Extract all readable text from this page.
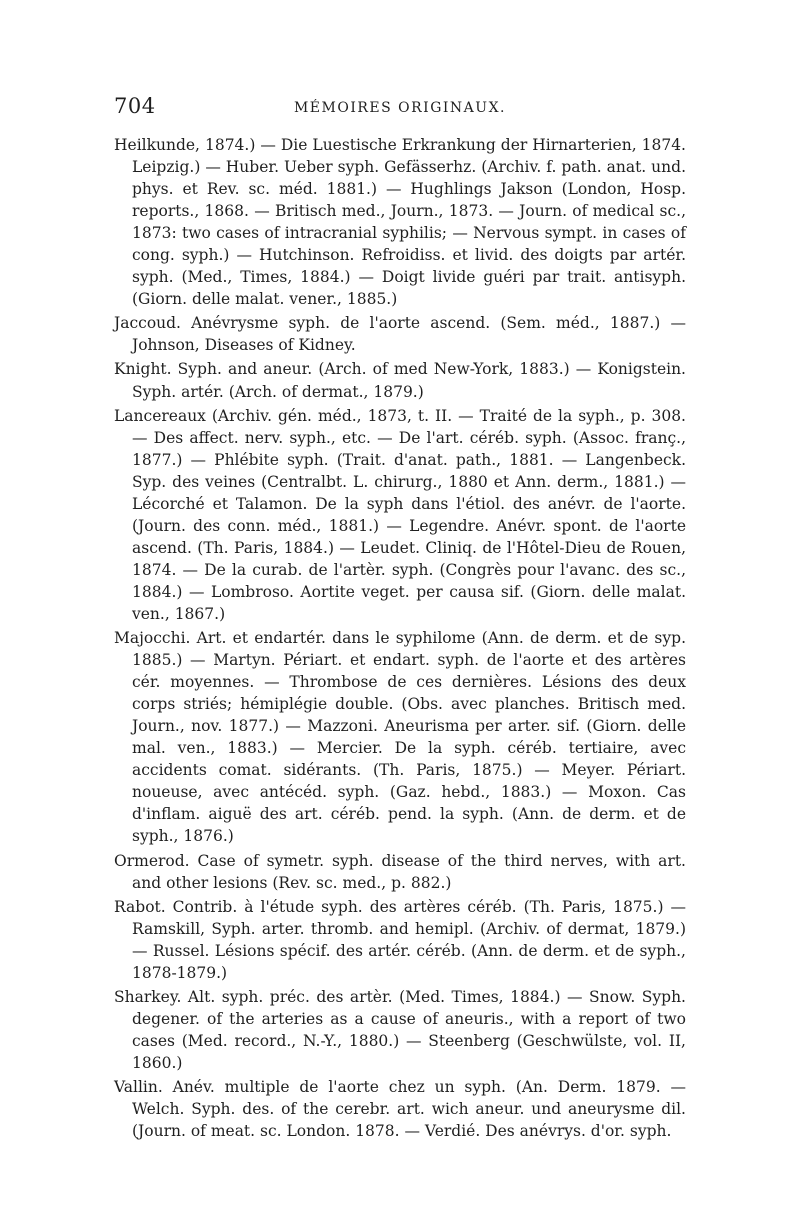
704	MÉMOIRES ORIGINAUX.

Heilkunde, 1874.) — Die Luestische Erkrankung der Hirnarterien, 1874. Leipzig.) — Huber. Ueber syph. Gefässerhz. (Archiv. f. path. anat. und. phys. et Rev. sc. méd. 1881.) — Hughlings Jakson (London, Hosp. reports., 1868. — Britisch med., Journ., 1873. — Journ. of medical sc., 1873: two cases of intracranial syphilis; — Nervous sympt. in cases of cong. syph.) — Hutchinson. Refroidiss. et livid. des doigts par artér. syph. (Med., Times, 1884.) — Doigt livide guéri par trait. antisyph. (Giorn. delle malat. vener., 1885.)

Jaccoud. Anévrysme syph. de l'aorte ascend. (Sem. méd., 1887.) — Johnson, Diseases of Kidney.

Knight. Syph. and aneur. (Arch. of med New-York, 1883.) — Konigstein. Syph. artér. (Arch. of dermat., 1879.)

Lancereaux (Archiv. gén. méd., 1873, t. II. — Traité de la syph., p. 308. — Des affect. nerv. syph., etc. — De l'art. céréb. syph. (Assoc. franç., 1877.) — Phlébite syph. (Trait. d'anat. path., 1881. — Langenbeck. Syp. des veines (Centralbt. L. chirurg., 1880 et Ann. derm., 1881.) — Lécorché et Talamon. De la syph dans l'étiol. des anévr. de l'aorte. (Journ. des conn. méd., 1881.) — Legendre. Anévr. spont. de l'aorte ascend. (Th. Paris, 1884.) — Leudet. Cliniq. de l'Hôtel-Dieu de Rouen, 1874. — De la curab. de l'artèr. syph. (Congrès pour l'avanc. des sc., 1884.) — Lombroso. Aortite veget. per causa sif. (Giorn. delle malat. ven., 1867.)

Majocchi. Art. et endartér. dans le syphilome (Ann. de derm. et de syp. 1885.) — Martyn. Périart. et endart. syph. de l'aorte et des artères cér. moyennes. — Thrombose de ces dernières. Lésions des deux corps striés; hémiplégie double. (Obs. avec planches. Britisch med. Journ., nov. 1877.) — Mazzoni. Aneurisma per arter. sif. (Giorn. delle mal. ven., 1883.) — Mercier. De la syph. céréb. tertiaire, avec accidents comat. sidérants. (Th. Paris, 1875.) — Meyer. Périart. noueuse, avec antécéd. syph. (Gaz. hebd., 1883.) — Moxon. Cas d'inflam. aiguë des art. céréb. pend. la syph. (Ann. de derm. et de syph., 1876.)

Ormerod. Case of symetr. syph. disease of the third nerves, with art. and other lesions (Rev. sc. med., p. 882.)

Rabot. Contrib. à l'étude syph. des artères céréb. (Th. Paris, 1875.) — Ramskill, Syph. arter. thromb. and hemipl. (Archiv. of dermat, 1879.) — Russel. Lésions spécif. des artér. céréb. (Ann. de derm. et de syph., 1878-1879.)

Sharkey. Alt. syph. préc. des artèr. (Med. Times, 1884.) — Snow. Syph. degener. of the arteries as a cause of aneuris., with a report of two cases (Med. record., N.-Y., 1880.) — Steenberg (Geschwülste, vol. II, 1860.)

Vallin. Anév. multiple de l'aorte chez un syph. (An. Derm. 1879. — Welch. Syph. des. of the cerebr. art. wich aneur. und aneurysme dil. (Journ. of meat. sc. London. 1878. — Verdié. Des anévrys. d'or. syph.
